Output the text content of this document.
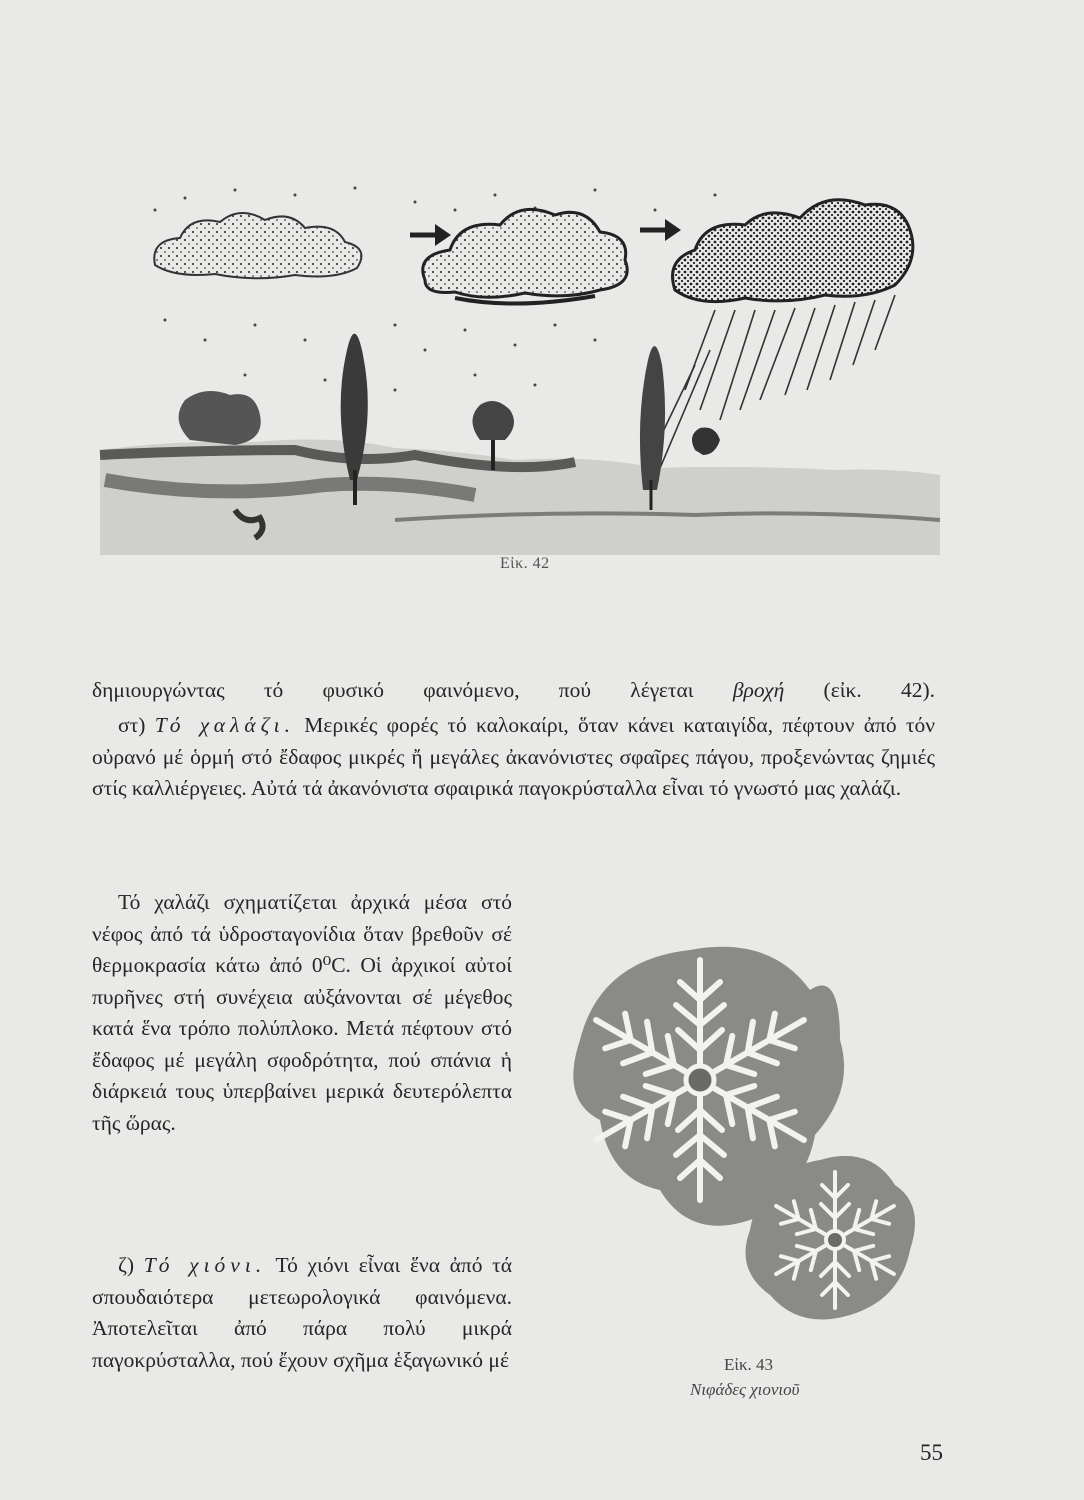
Εἰκ. 42
δημιουργώντας τό φυσικό φαινόμενο, πού λέγεται βροχή (εἰκ. 42).
στ) Τό χαλάζι. Μερικές φορές τό καλοκαίρι, ὅταν κάνει καταιγίδα, πέφτουν ἀπό τόν οὐρανό μέ ὁρμή στό ἔδαφος μικρές ἤ μεγάλες ἀκανόνιστες σφαῖρες πάγου, προξενώντας ζημιές στίς καλλιέργειες. Αὐτά τά ἀκανόνιστα σφαιρικά παγοκρύσταλλα εἶναι τό γνωστό μας χαλάζι.
Τό χαλάζι σχηματίζεται ἀρχικά μέσα στό νέφος ἀπό τά ὑδροσταγονίδια ὅταν βρεθοῦν σέ θερμοκρασία κάτω ἀπό 0⁰C. Οἱ ἀρχικοί αὐτοί πυρῆνες στή συνέχεια αὐξάνονται σέ μέγεθος κατά ἕνα τρόπο πολύπλοκο. Μετά πέφτουν στό ἔδαφος μέ μεγάλη σφοδρότητα, πού σπάνια ἡ διάρκειά τους ὑπερβαίνει μερικά δευτερόλεπτα τῆς ὥρας.
ζ) Τό χιόνι. Τό χιόνι εἶναι ἕνα ἀπό τά σπουδαιότερα μετεωρολογικά φαινόμενα. Ἀποτελεῖται ἀπό πάρα πολύ μικρά παγοκρύσταλλα, πού ἔχουν σχῆμα ἑξαγωνικό μέ	Εἰκ. 43
Νιφάδες χιονιοῦ
55
